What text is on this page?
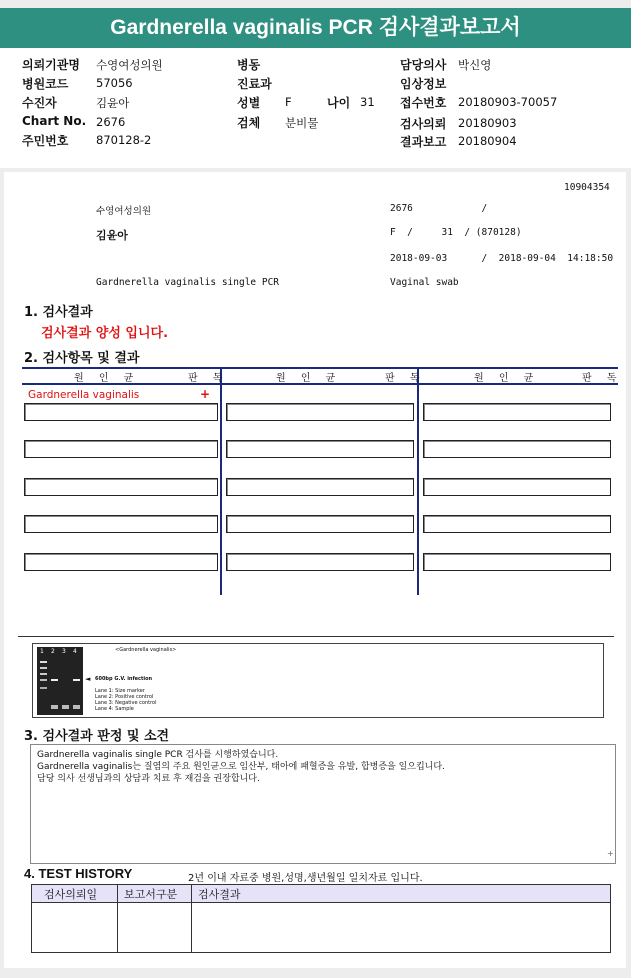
Gardnerella vaginalis PCR 검사결과보고서
의뢰기관명 수영여성의원
병원코드 57056
수진자	김윤아
Chart No. 2676
주민번호 870128-2
병동
진료과
성별 F	나이 31
검체 분비물
담당의사 박신영
임상정보
접수번호 20180903-70057
검사의뢰 20180903
결과보고 20180904
10904354
수영여성의원	2676            /
김윤아	F  /     31  / (870128)
2018-09-03      /  2018-09-04  14:18:50
Gardnerella vaginalis single PCR	Vaginal swab
1. 검사결과
검사결과 양성 입니다.
2. 검사항목 및 결과
원 인 균	판 독	원 인 균	판 독	원 인 균	판 독
Gardnerella vaginalis	+
1 2 3 4	<Gardnerella vaginalis>
◄ 600bp G.V. infection
Lane 1: Size marker
Lane 2: Positive control
Lane 3: Negative control
Lane 4: Sample
3. 검사결과 판정 및 소견
Gardnerella vaginalis single PCR 검사를 시행하였습니다.
Gardnerella vaginalis는 질염의 주요 원인균으로 임산부, 태아에 패혈증을 유발, 합병증을 일으킵니다.
담당 의사 선생님과의 상담과 치료 후 재검을 권장합니다.
+
4. TEST HISTORY	2년 이내 자료중 병원,성명,생년월일 일치자료 입니다.
검사의뢰일	보고서구분	검사결과
